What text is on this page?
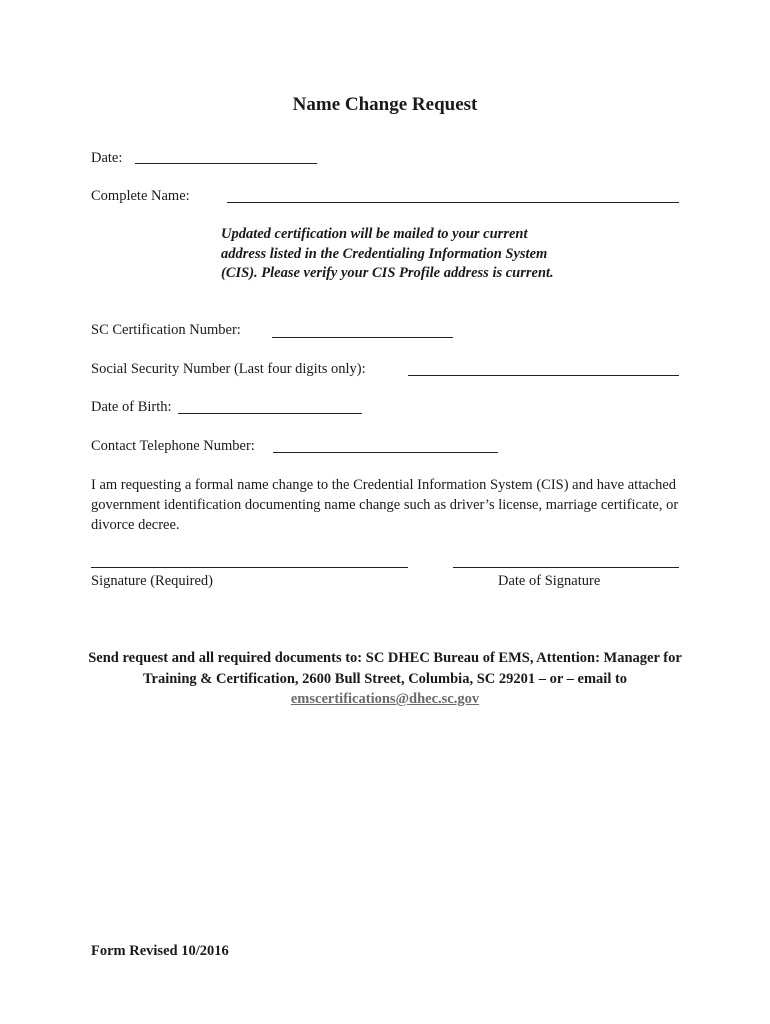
Name Change Request
Date:
Complete Name:
Updated certification will be mailed to your current address listed in the Credentialing Information System (CIS). Please verify your CIS Profile address is current.
SC Certification Number:
Social Security Number (Last four digits only):
Date of Birth:
Contact Telephone Number:
I am requesting a formal name change to the Credential Information System (CIS) and have attached government identification documenting name change such as driver’s license, marriage certificate, or divorce decree.
Signature (Required)	Date of Signature
Send request and all required documents to: SC DHEC Bureau of EMS, Attention: Manager for Training & Certification, 2600 Bull Street, Columbia, SC 29201 – or – email to emscertifications@dhec.sc.gov
Form Revised 10/2016
